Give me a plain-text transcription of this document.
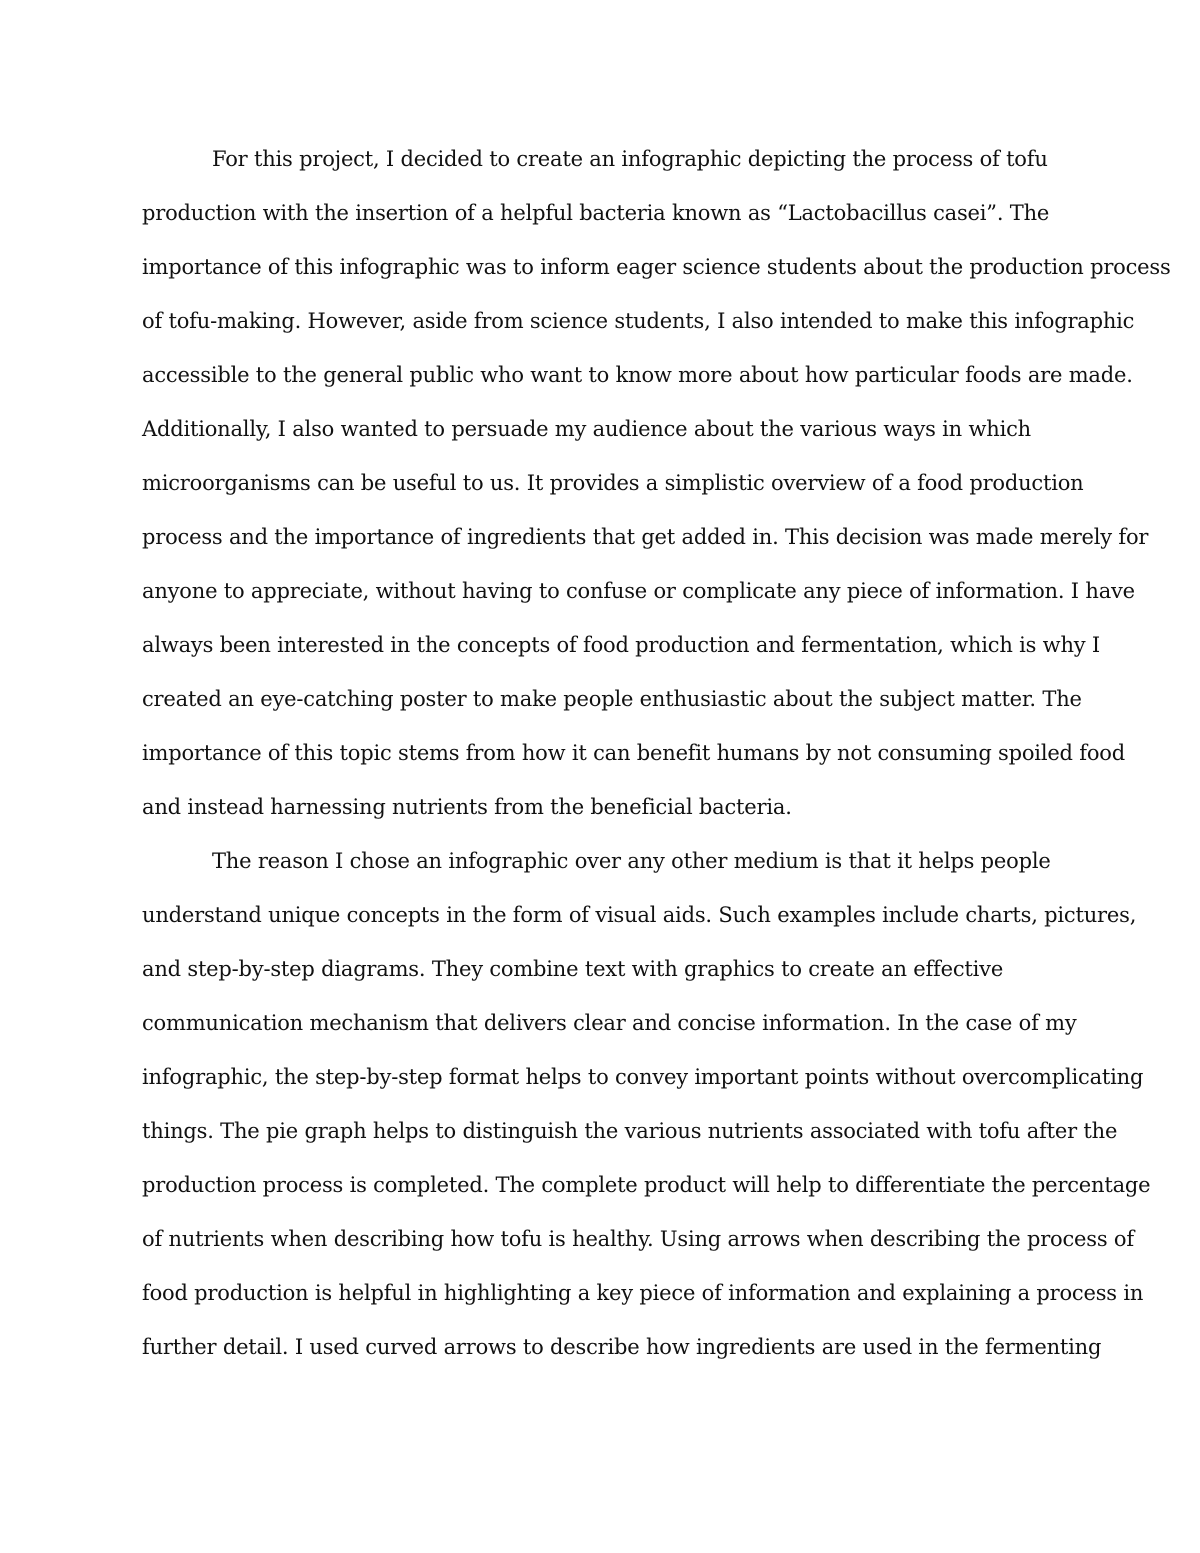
For this project, I decided to create an infographic depicting the process of tofu
production with the insertion of a helpful bacteria known as “Lactobacillus casei”. The
importance of this infographic was to inform eager science students about the production process
of tofu-making. However, aside from science students, I also intended to make this infographic
accessible to the general public who want to know more about how particular foods are made.
Additionally, I also wanted to persuade my audience about the various ways in which
microorganisms can be useful to us. It provides a simplistic overview of a food production
process and the importance of ingredients that get added in. This decision was made merely for
anyone to appreciate, without having to confuse or complicate any piece of information. I have
always been interested in the concepts of food production and fermentation, which is why I
created an eye-catching poster to make people enthusiastic about the subject matter. The
importance of this topic stems from how it can benefit humans by not consuming spoiled food
and instead harnessing nutrients from the beneficial bacteria.
The reason I chose an infographic over any other medium is that it helps people
understand unique concepts in the form of visual aids. Such examples include charts, pictures,
and step-by-step diagrams. They combine text with graphics to create an effective
communication mechanism that delivers clear and concise information. In the case of my
infographic, the step-by-step format helps to convey important points without overcomplicating
things. The pie graph helps to distinguish the various nutrients associated with tofu after the
production process is completed. The complete product will help to differentiate the percentage
of nutrients when describing how tofu is healthy. Using arrows when describing the process of
food production is helpful in highlighting a key piece of information and explaining a process in
further detail. I used curved arrows to describe how ingredients are used in the fermenting
